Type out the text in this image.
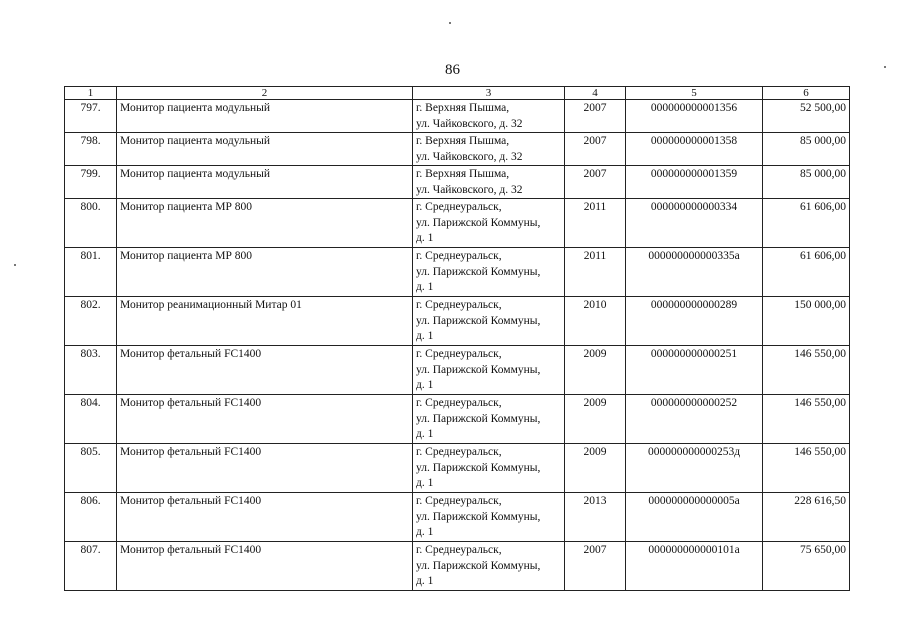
86
1	2	3	4	5	6
797.	Монитор пациента модульный	г. Верхняя Пышма,
ул. Чайковского, д. 32	2007	000000000001356	52 500,00
798.	Монитор пациента модульный	г. Верхняя Пышма,
ул. Чайковского, д. 32	2007	000000000001358	85 000,00
799.	Монитор пациента модульный	г. Верхняя Пышма,
ул. Чайковского, д. 32	2007	000000000001359	85 000,00
800.	Монитор пациента МР 800	г. Среднеуральск,
ул. Парижской Коммуны,
д. 1	2011	000000000000334	61 606,00
801.	Монитор пациента МР 800	г. Среднеуральск,
ул. Парижской Коммуны,
д. 1	2011	000000000000335а	61 606,00
802.	Монитор реанимационный Митар 01	г. Среднеуральск,
ул. Парижской Коммуны,
д. 1	2010	000000000000289	150 000,00
803.	Монитор фетальный FC1400	г. Среднеуральск,
ул. Парижской Коммуны,
д. 1	2009	000000000000251	146 550,00
804.	Монитор фетальный FC1400	г. Среднеуральск,
ул. Парижской Коммуны,
д. 1	2009	000000000000252	146 550,00
805.	Монитор фетальный FC1400	г. Среднеуральск,
ул. Парижской Коммуны,
д. 1	2009	000000000000253д	146 550,00
806.	Монитор фетальный FC1400	г. Среднеуральск,
ул. Парижской Коммуны,
д. 1	2013	000000000000005а	228 616,50
807.	Монитор фетальный FC1400	г. Среднеуральск,
ул. Парижской Коммуны,
д. 1	2007	000000000000101а	75 650,00
